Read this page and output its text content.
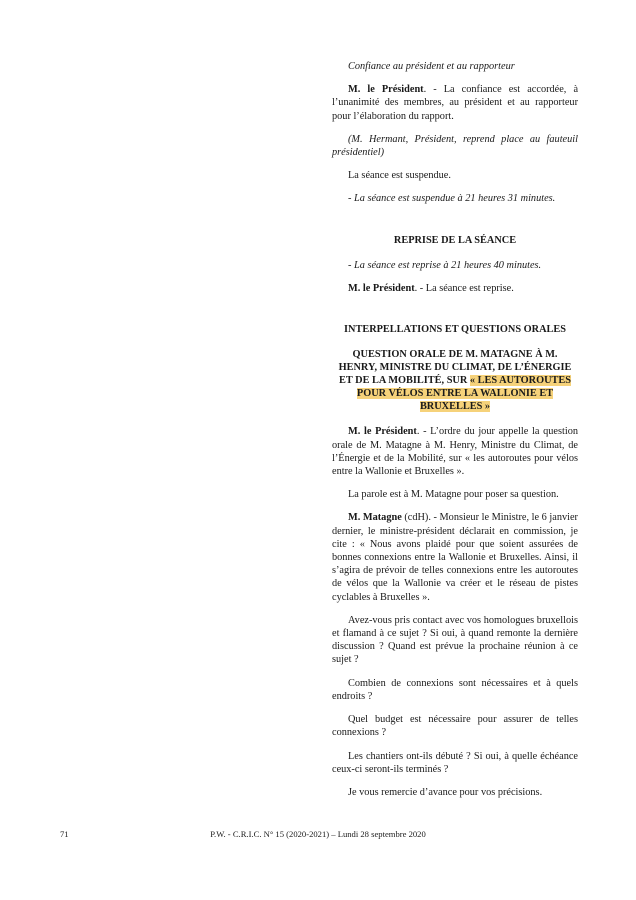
Confiance au président et au rapporteur

M. le Président. - La confiance est accordée, à l’unanimité des membres, au président et au rapporteur pour l’élaboration du rapport.

(M. Hermant, Président, reprend place au fauteuil présidentiel)

La séance est suspendue.

- La séance est suspendue à 21 heures 31 minutes.

REPRISE DE LA SÉANCE

- La séance est reprise à 21 heures 40 minutes.

M. le Président. - La séance est reprise.

INTERPELLATIONS ET QUESTIONS ORALES
QUESTION ORALE DE M. MATAGNE À M. HENRY, MINISTRE DU CLIMAT, DE L’ÉNERGIE ET DE LA MOBILITÉ, SUR « LES AUTOROUTES POUR VÉLOS ENTRE LA WALLONIE ET BRUXELLES »

M. le Président. - L’ordre du jour appelle la question orale de M. Matagne à M. Henry, Ministre du Climat, de l’Énergie et de la Mobilité, sur « les autoroutes pour vélos entre la Wallonie et Bruxelles ».

La parole est à M. Matagne pour poser sa question.

M. Matagne (cdH). - Monsieur le Ministre, le 6 janvier dernier, le ministre-président déclarait en commission, je cite : « Nous avons plaidé pour que soient assurées de bonnes connexions entre la Wallonie et Bruxelles. Ainsi, il s’agira de prévoir de telles connexions entre les autoroutes de vélos que la Wallonie va créer et le réseau de pistes cyclables à Bruxelles ».

Avez-vous pris contact avec vos homologues bruxellois et flamand à ce sujet ? Si oui, à quand remonte la dernière discussion ? Quand est prévue la prochaine réunion à ce sujet ?

Combien de connexions sont nécessaires et à quels endroits ?

Quel budget est nécessaire pour assurer de telles connexions ?

Les chantiers ont-ils débuté ? Si oui, à quelle échéance ceux-ci seront-ils terminés ?

Je vous remercie d’avance pour vos précisions.

71	P.W. - C.R.I.C. N° 15 (2020-2021) – Lundi 28 septembre 2020
